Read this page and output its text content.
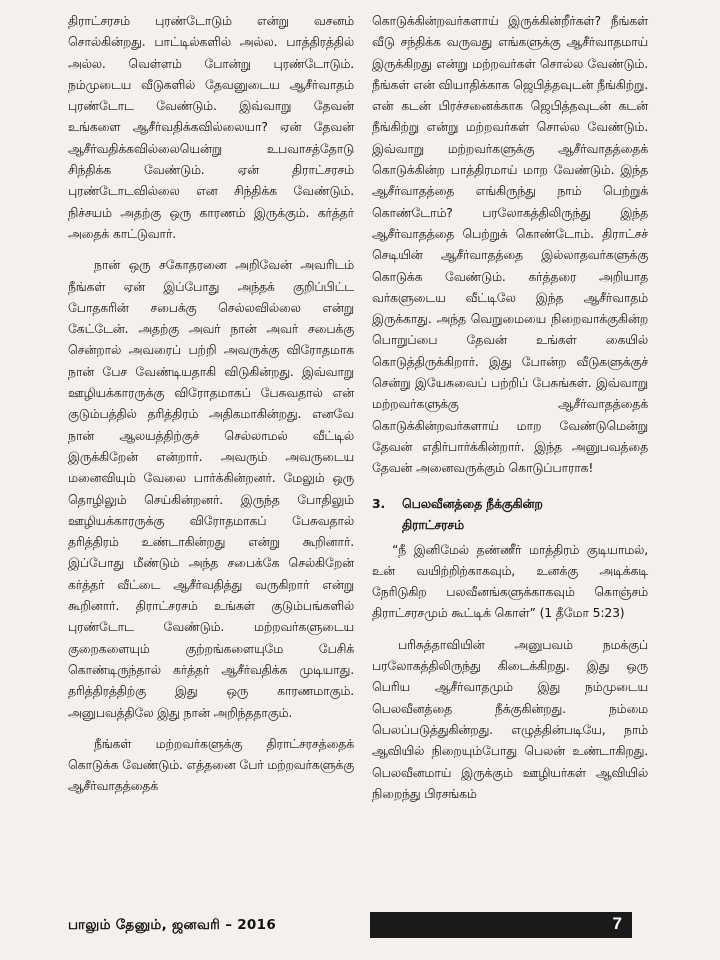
திராட்சரசம் புரண்டோடும் என்று வசனம் சொல்கின்றது. பாட்டில்களில் அல்ல. பாத்திரத்தில் அல்ல. வெள்ளம் போன்று புரண்டோடும். நம்முடைய வீடுகளில் தேவனுடைய ஆசீர்வாதம் புரண்டோட வேண்டும். இவ்வாறு தேவன் உங்களை ஆசீர்வதிக்கவில்லையா? ஏன் தேவன் ஆசீர்வதிக்கவில்லையென்று உபவாசத்தோடு சிந்திக்க வேண்டும். ஏன் திராட்சரசம் புரண்டோடவில்லை என சிந்திக்க வேண்டும். நிச்சயம் அதற்கு ஒரு காரணம் இருக்கும். கர்த்தர் அதைக் காட்டுவார்.

நான் ஒரு சகோதரனை அறிவேன் அவரிடம் நீங்கள் ஏன் இப்போது அந்தக் குறிப்பிட்ட போதகரின் சபைக்கு செல்லவில்லை என்று கேட்டேன். அதற்கு அவர் நான் அவர் சபைக்கு சென்றால் அவரைப் பற்றி அவருக்கு விரோதமாக நான் பேச வேண்டியதாகி விடுகின்றது. இவ்வாறு ஊழியக்காரருக்கு விரோதமாகப் பேசுவதால் என் குடும்பத்தில் தரித்திரம் அதிகமாகின்றது. எனவே நான் ஆலயத்திற்குச் செல்லாமல் வீட்டில் இருக்கிறேன் என்றார். அவரும் அவருடைய மனைவியும் வேலை பார்க்கின்றனர். மேலும் ஒரு தொழிலும் செய்கின்றனர். இருந்த போதிலும் ஊழியக்காரருக்கு விரோதமாகப் பேசுவதால் தரித்திரம் உண்டாகின்றது என்று கூறினார். இப்போது மீண்டும் அந்த சபைக்கே செல்கிறேன் கர்த்தர் வீட்டை ஆசீர்வதித்து வருகிறார் என்று கூறினார். திராட்சரசம் உங்கள் குடும்பங்களில் புரண்டோட வேண்டும். மற்றவர்களுடைய குறைகளையும் குற்றங்களையுமே பேசிக் கொண்டிருந்தால் கர்த்தர் ஆசீர்வதிக்க முடியாது. தரித்திரத்திற்கு இது ஒரு காரணமாகும். அனுபவத்திலே இது நான் அறிந்ததாகும்.

நீங்கள் மற்றவர்களுக்கு திராட்சரசத்தைக் கொடுக்க வேண்டும். எத்தனை பேர் மற்றவர்களுக்கு ஆசீர்வாதத்தைக்

கொடுக்கின்றவர்களாய் இருக்கின்றீர்கள்? நீங்கள் வீடு சந்திக்க வருவது எங்களுக்கு ஆசீர்வாதமாய் இருக்கிறது என்று மற்றவர்கள் சொல்ல வேண்டும். நீங்கள் என் வியாதிக்காக ஜெபித்தவுடன் நீங்கிற்று. என் கடன் பிரச்சனைக்காக ஜெபித்தவுடன் கடன் நீங்கிற்று என்று மற்றவர்கள் சொல்ல வேண்டும். இவ்வாறு மற்றவர்களுக்கு ஆசீர்வாதத்தைக் கொடுக்கின்ற பாத்திரமாய் மாற வேண்டும். இந்த ஆசீர்வாதத்தை எங்கிருந்து நாம் பெற்றுக் கொண்டோம்? பரலோகத்திலிருந்து இந்த ஆசீர்வாதத்தை பெற்றுக் கொண்டோம். திராட்சச் செடியின் ஆசீர்வாதத்தை இல்லாதவர்களுக்கு கொடுக்க வேண்டும். கர்த்தரை அறியாத வர்களுடைய வீட்டிலே இந்த ஆசீர்வாதம் இருக்காது. அந்த வெறுமையை நிறைவாக்குகின்ற பொறுப்பை தேவன் உங்கள் கையில் கொடுத்திருக்கிறார். இது போன்ற வீடுகளுக்குச் சென்று இயேசுவைப் பற்றிப் பேசுங்கள். இவ்வாறு மற்றவர்களுக்கு ஆசீர்வாதத்தைக் கொடுக்கின்றவர்களாய் மாற வேண்டுமென்று தேவன் எதிர்பார்க்கின்றார். இந்த அனுபவத்தை தேவன் அனைவருக்கும் கொடுப்பாராக!

3. பெலவீனத்தை நீக்குகின்ற
திராட்சரசம்

“நீ இனிமேல் தண்ணீர் மாத்திரம் குடியாமல், உன் வயிற்றிற்காகவும், உனக்கு அடிக்கடி நேரிடுகிற பலவீனங்களுக்காகவும் கொஞ்சம் திராட்சரசமும் கூட்டிக் கொள்” (1 தீமோ 5:23)

பரிசுத்தாவியின் அனுபவம் நமக்குப் பரலோகத்திலிருந்து கிடைக்கிறது. இது ஒரு பெரிய ஆசீர்வாதமும் இது நம்முடைய பெலவீனத்தை நீக்குகின்றது. நம்மை பெலப்படுத்துகின்றது. எழுத்தின்படியே, நாம் ஆவியில் நிறையும்போது பெலன் உண்டாகிறது. பெலவீனமாய் இருக்கும் ஊழியர்கள் ஆவியில் நிறைந்து பிரசங்கம்

பாலும் தேனும், ஜனவரி – 2016	7
